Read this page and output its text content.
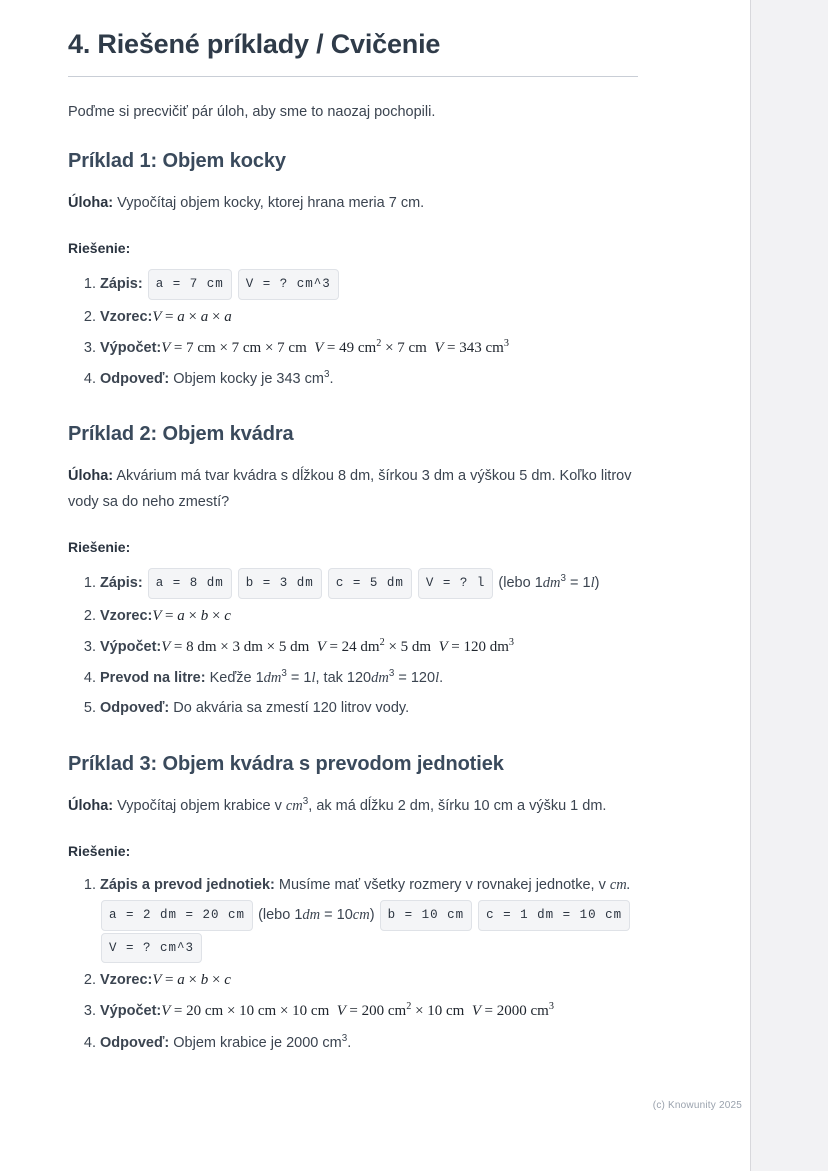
4. Riešené príklady / Cvičenie

Poďme si precvičiť pár úloh, aby sme to naozaj pochopili.

Príklad 1: Objem kocky

Úloha: Vypočítaj objem kocky, ktorej hrana meria 7 cm.

Riešenie:
1. Zápis: a = 7 cm V = ? cm^3
2. Vzorec:V = a × a × a
3. Výpočet:V = 7 cm × 7 cm × 7 cm V = 49 $cm^2 \times 7$ cm V = 343 $cm^3$
4. Odpoveď: Objem kocky je 343 $cm^3$.
Príklad 2: Objem kvádra

Úloha: Akvárium má tvar kvádra s dĺžkou 8 dm, šírkou 3 dm a výškou 5 dm. Koľko litrov vody sa do neho zmestí?

Riešenie:
1. Zápis: a = 8 dm b = 3 dm c = 5 dm V = ? l (lebo $1dm^3 = 1l$)
2. Vzorec:V = a × b × c
3. Výpočet:V = 8 dm × 3 dm × 5 dm V = 24 $dm^2 \times 5$ dm V = 120 $dm^3$
4. Prevod na litre: Keďže $1dm^3 = 1l$, tak $120dm^3 = 120l$.
5. Odpoveď: Do akvária sa zmestí 120 litrov vody.
Príklad 3: Objem kvádra s prevodom jednotiek

Úloha: Vypočítaj objem krabice v $cm^3$, ak má dĺžku 2 dm, šírku 10 cm a výšku 1 dm.

Riešenie:
1. Zápis a prevod jednotiek: Musíme mať všetky rozmery v rovnakej jednotke, v cm. a = 2 dm = 20 cm (lebo 1dm = 10cm) b = 10 cm c = 1 dm = 10 cm V = ? cm^3
2. Vzorec:V = a × b × c
3. Výpočet:V = 20 cm × 10 cm × 10 cm V = 200 $cm^2 \times 10$ cm V = 2000 $cm^3$
4. Odpoveď: Objem krabice je 2000 $cm^3$.
(c) Knowunity 2025
